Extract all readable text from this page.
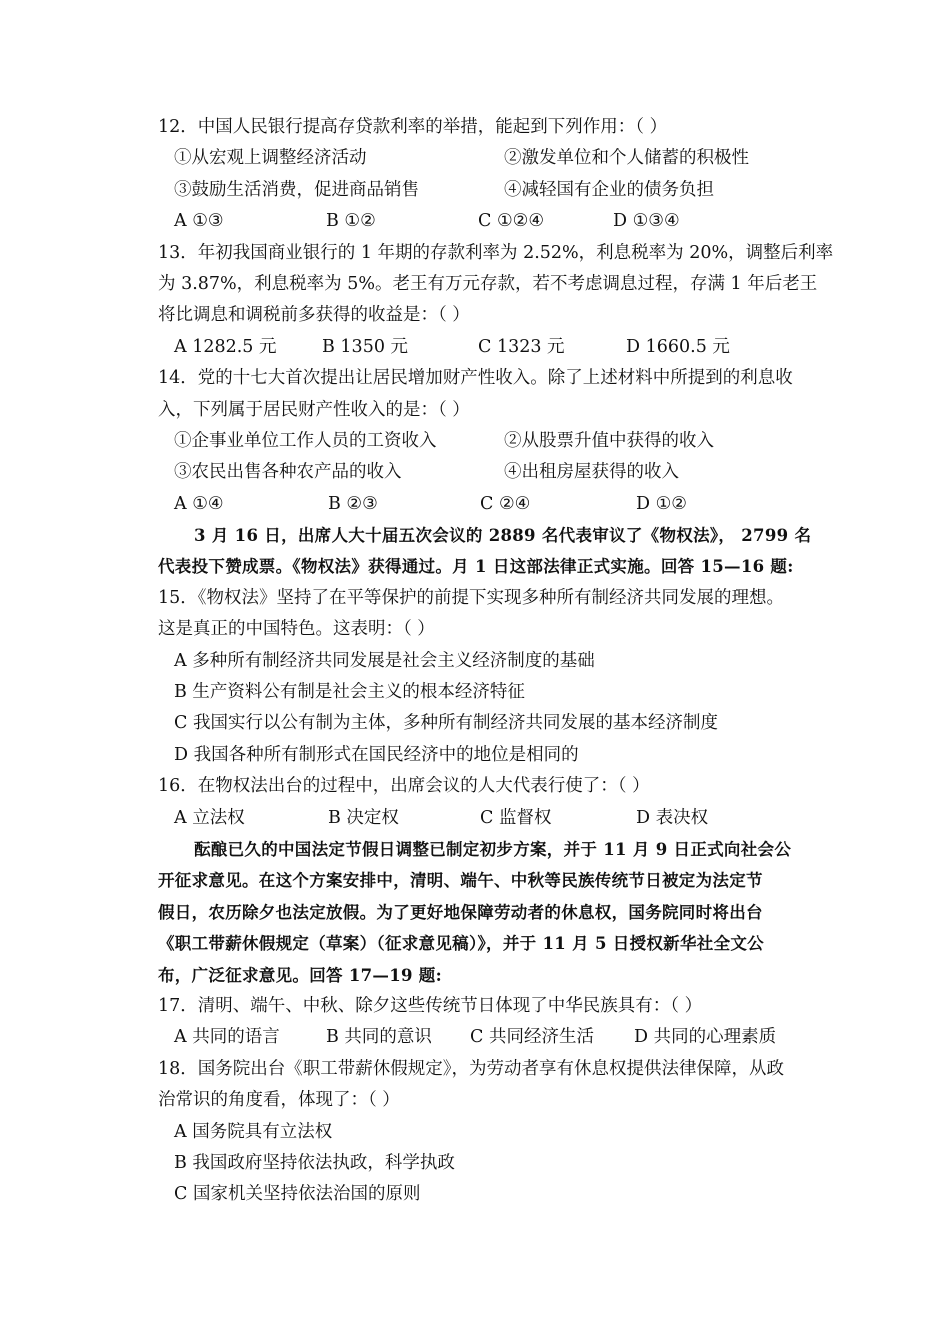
12．中国人民银行提高存贷款利率的举措，能起到下列作用：（ ）
①从宏观上调整经济活动	②激发单位和个人储蓄的积极性
③鼓励生活消费，促进商品销售	④减轻国有企业的债务负担
A ①③	B ①②	C ①②④	D ①③④
13．年初我国商业银行的 1 年期的存款利率为 2.52%，利息税率为 20%，调整后利率
为 3.87%，利息税率为 5%。老王有万元存款，若不考虑调息过程，存满 1 年后老王
将比调息和调税前多获得的收益是：（ ）
A 1282.5 元	B 1350 元	C 1323 元	D 1660.5 元
14．党的十七大首次提出让居民增加财产性收入。除了上述材料中所提到的利息收
入，下列属于居民财产性收入的是：（ ）
①企事业单位工作人员的工资收入	②从股票升值中获得的收入
③农民出售各种农产品的收入	④出租房屋获得的收入
A ①④	B ②③	C ②④	D ①②
3 月 16 日，出席人大十届五次会议的 2889 名代表审议了《物权法》， 2799 名
代表投下赞成票。《物权法》获得通过。月 1 日这部法律正式实施。回答 15—16 题:
15．《物权法》坚持了在平等保护的前提下实现多种所有制经济共同发展的理想。
这是真正的中国特色。这表明：（ ）
A 多种所有制经济共同发展是社会主义经济制度的基础
B 生产资料公有制是社会主义的根本经济特征
C 我国实行以公有制为主体，多种所有制经济共同发展的基本经济制度
D 我国各种所有制形式在国民经济中的地位是相同的
16．在物权法出台的过程中，出席会议的人大代表行使了：（ ）
A 立法权	B 决定权	C 监督权	D 表决权
酝酿已久的中国法定节假日调整已制定初步方案，并于 11 月 9 日正式向社会公
开征求意见。在这个方案安排中，清明、端午、中秋等民族传统节日被定为法定节
假日，农历除夕也法定放假。为了更好地保障劳动者的休息权，国务院同时将出台
《职工带薪休假规定（草案）（征求意见稿）》，并于 11 月 5 日授权新华社全文公
布，广泛征求意见。回答 17—19 题:
17．清明、端午、中秋、除夕这些传统节日体现了中华民族具有：（ ）
A 共同的语言	B 共同的意识	C 共同经济生活	D 共同的心理素质
18．国务院出台《职工带薪休假规定》，为劳动者享有休息权提供法律保障，从政
治常识的角度看，体现了：（ ）
A 国务院具有立法权
B 我国政府坚持依法执政，科学执政
C 国家机关坚持依法治国的原则
